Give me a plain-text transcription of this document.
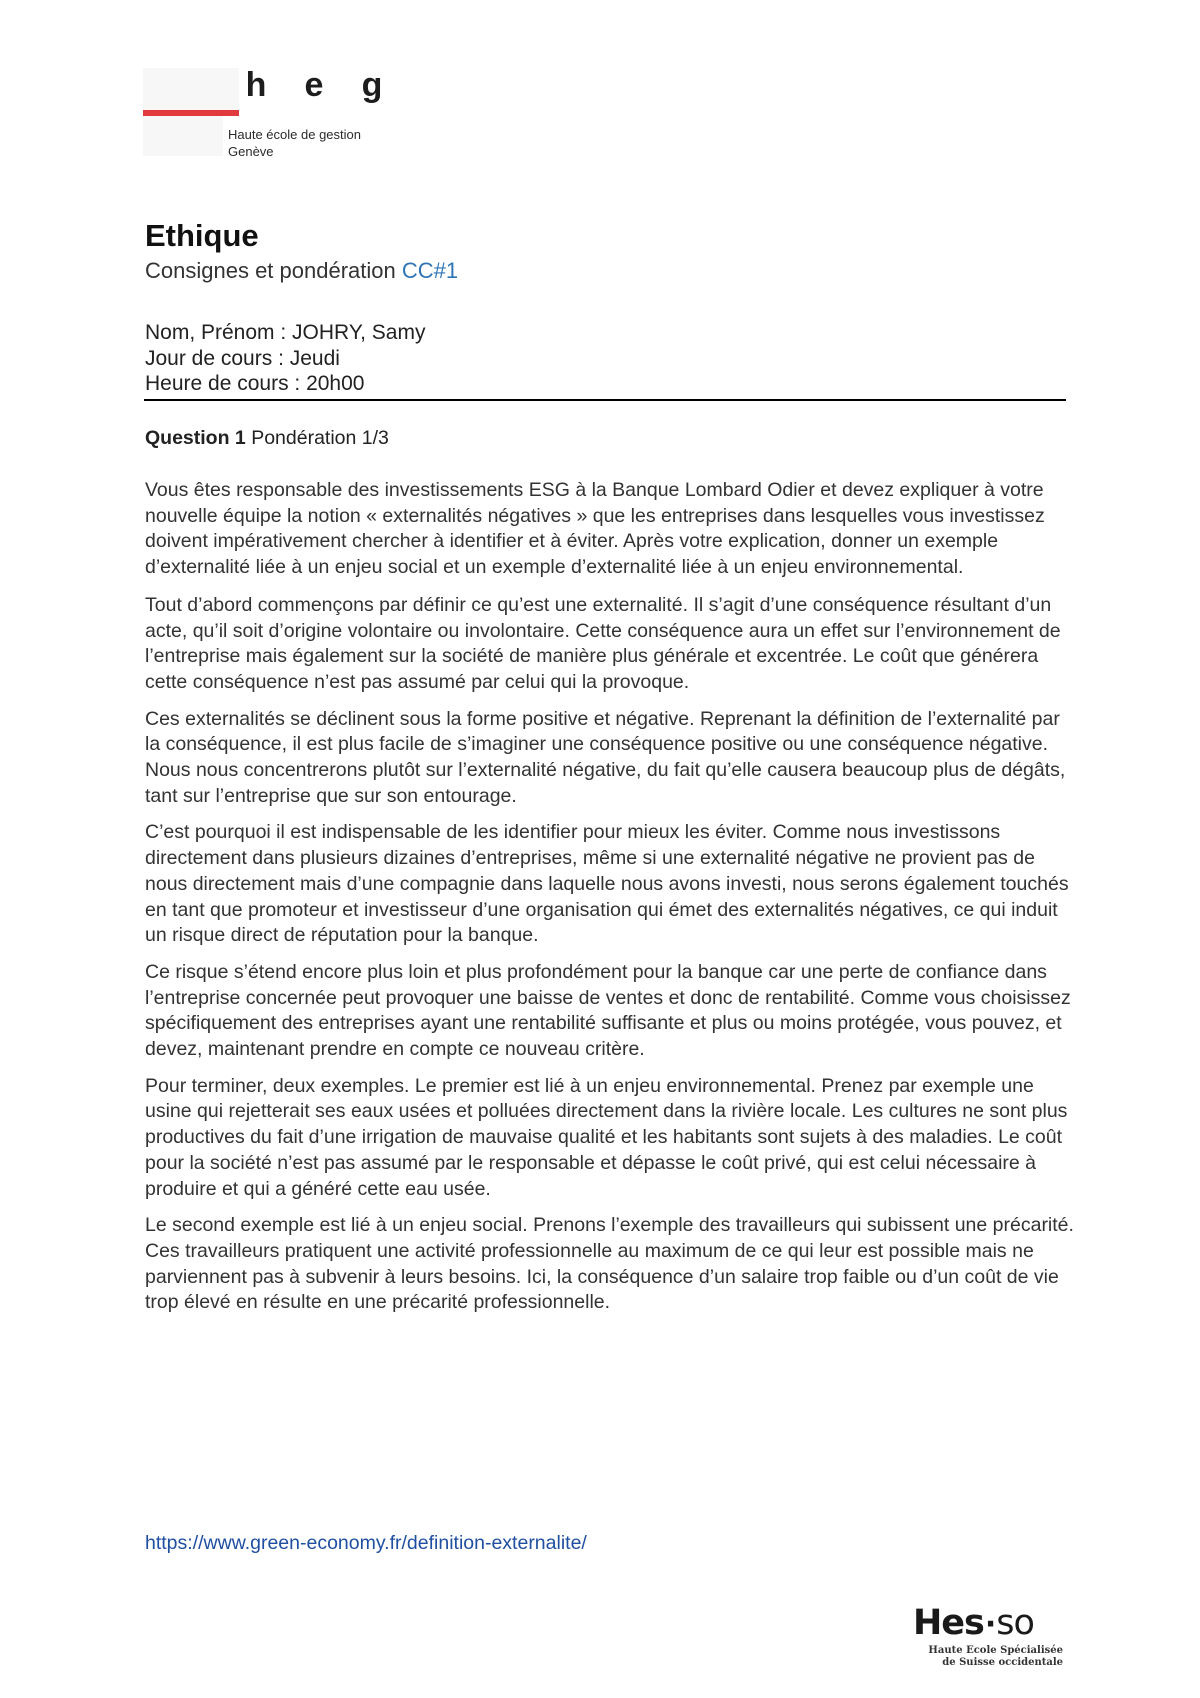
h e g
Haute école de gestion
Genève
Ethique
Consignes et pondération CC#1
Nom, Prénom : JOHRY, Samy
Jour de cours : Jeudi
Heure de cours : 20h00
Question 1 Pondération 1/3

Vous êtes responsable des investissements ESG à la Banque Lombard Odier et devez expliquer à votre nouvelle équipe la notion « externalités négatives » que les entreprises dans lesquelles vous investissez doivent impérativement chercher à identifier et à éviter. Après votre explication, donner un exemple d’externalité liée à un enjeu social et un exemple d’externalité liée à un enjeu environnemental.

Tout d’abord commençons par définir ce qu’est une externalité. Il s’agit d’une conséquence résultant d’un acte, qu’il soit d’origine volontaire ou involontaire. Cette conséquence aura un effet sur l’environnement de l’entreprise mais également sur la société de manière plus générale et excentrée. Le coût que générera cette conséquence n’est pas assumé par celui qui la provoque.

Ces externalités se déclinent sous la forme positive et négative. Reprenant la définition de l’externalité par la conséquence, il est plus facile de s’imaginer une conséquence positive ou une conséquence négative. Nous nous concentrerons plutôt sur l’externalité négative, du fait qu’elle causera beaucoup plus de dégâts, tant sur l’entreprise que sur son entourage.

C’est pourquoi il est indispensable de les identifier pour mieux les éviter. Comme nous investissons directement dans plusieurs dizaines d’entreprises, même si une externalité négative ne provient pas de nous directement mais d’une compagnie dans laquelle nous avons investi, nous serons également touchés en tant que promoteur et investisseur d’une organisation qui émet des externalités négatives, ce qui induit un risque direct de réputation pour la banque.

Ce risque s’étend encore plus loin et plus profondément pour la banque car une perte de confiance dans l’entreprise concernée peut provoquer une baisse de ventes et donc de rentabilité. Comme vous choisissez spécifiquement des entreprises ayant une rentabilité suffisante et plus ou moins protégée, vous pouvez, et devez, maintenant prendre en compte ce nouveau critère.

Pour terminer, deux exemples. Le premier est lié à un enjeu environnemental. Prenez par exemple une usine qui rejetterait ses eaux usées et polluées directement dans la rivière locale. Les cultures ne sont plus productives du fait d’une irrigation de mauvaise qualité et les habitants sont sujets à des maladies. Le coût pour la société n’est pas assumé par le responsable et dépasse le coût privé, qui est celui nécessaire à produire et qui a généré cette eau usée.

Le second exemple est lié à un enjeu social. Prenons l’exemple des travailleurs qui subissent une précarité. Ces travailleurs pratiquent une activité professionnelle au maximum de ce qui leur est possible mais ne parviennent pas à subvenir à leurs besoins. Ici, la conséquence d’un salaire trop faible ou d’un coût de vie trop élevé en résulte en une précarité professionnelle.

https://www.green-economy.fr/definition-externalite/
Hes·so
Haute Ecole Spécialisée
de Suisse occidentale
